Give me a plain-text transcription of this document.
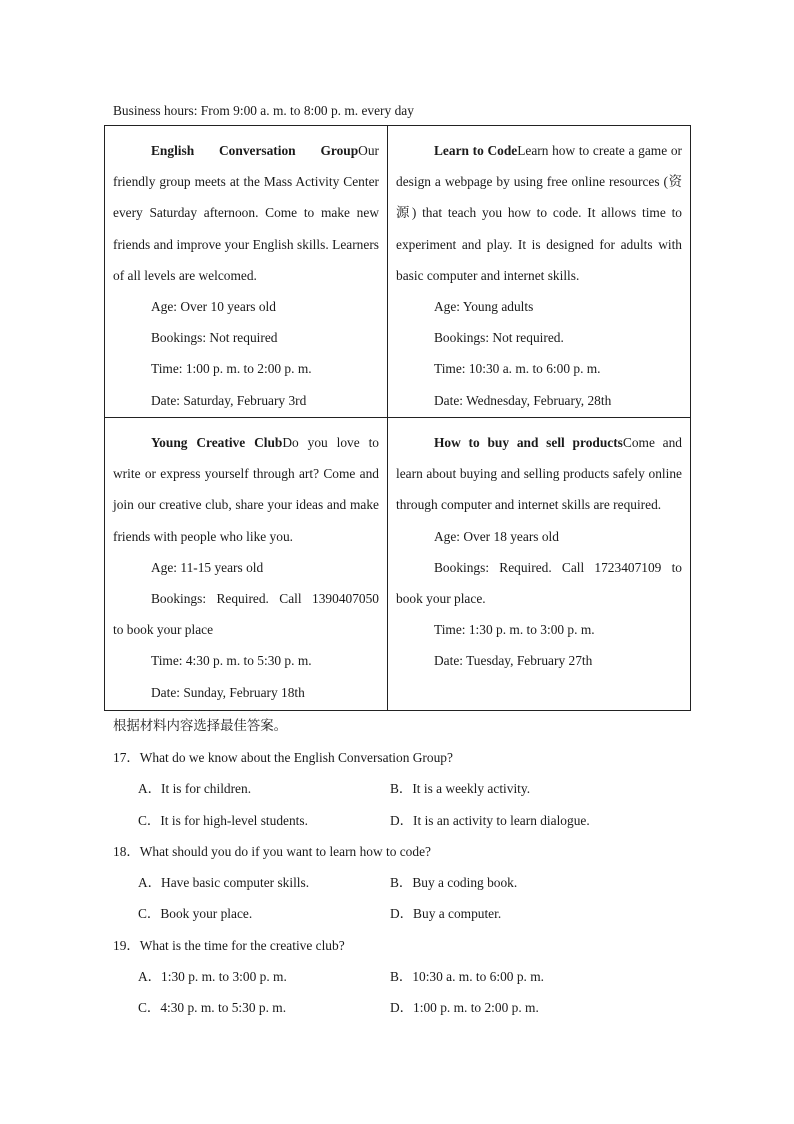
Business hours: From 9:00 a. m. to 8:00 p. m. every day

English Conversation GroupOur friendly group meets at the Mass Activity Center every Saturday afternoon. Come to make new friends and improve your English skills. Learners of all levels are welcomed.

Age: Over 10 years old

Bookings: Not required

Time: 1:00 p. m. to 2:00 p. m.

Date: Saturday, February 3rd

Learn to CodeLearn how to create a game or design a webpage by using free online resources (资源) that teach you how to code. It allows time to experiment and play. It is designed for adults with basic computer and internet skills.

Age: Young adults

Bookings: Not required.

Time: 10:30 a. m. to 6:00 p. m.

Date: Wednesday, February, 28th

Young Creative ClubDo you love to write or express yourself through art? Come and join our creative club, share your ideas and make friends with people who like you.

Age: 11-15 years old

Bookings: Required. Call 1390407050

to book your place

Time: 4:30 p. m. to 5:30 p. m.

Date: Sunday, February 18th

How to buy and sell productsCome and learn about buying and selling products safely online through computer and internet skills are required.

Age: Over 18 years old

Bookings: Required. Call 1723407109 to

book your place.

Time: 1:30 p. m. to 3:00 p. m.

Date: Tuesday, February 27th

根据材料内容选择最佳答案。
17．What do we know about the English Conversation Group?
A．It is for children.	B．It is a weekly activity.
C．It is for high-level students.	D．It is an activity to learn dialogue.
18．What should you do if you want to learn how to code?
A．Have basic computer skills.	B．Buy a coding book.
C．Book your place.	D．Buy a computer.
19．What is the time for the creative club?
A．1:30 p. m. to 3:00 p. m.	B．10:30 a. m. to 6:00 p. m.
C．4:30 p. m. to 5:30 p. m.	D．1:00 p. m. to 2:00 p. m.
